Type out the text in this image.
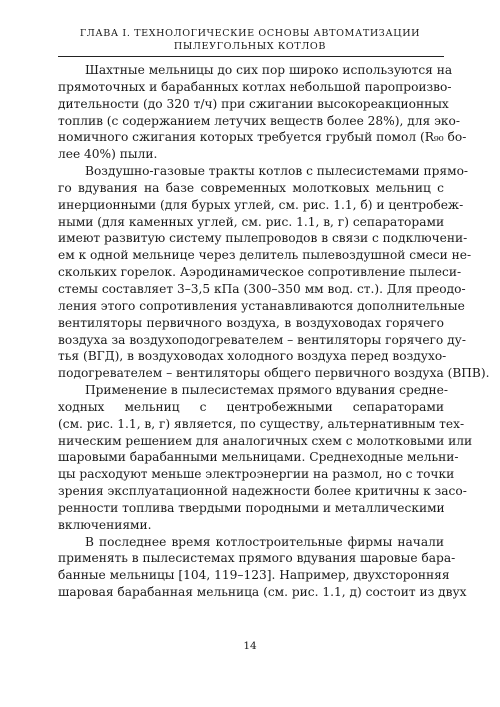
ГЛАВА I. ТЕХНОЛОГИЧЕСКИЕ ОСНОВЫ АВТОМАТИЗАЦИИ
ПЫЛЕУГОЛЬНЫХ КОТЛОВ

Шахтные мельницы до сих пор широко используются на
прямоточных и барабанных котлах небольшой паропроизво-
дительности (до 320 т/ч) при сжигании высокореакционных
топлив (с содержанием летучих веществ более 28%), для эко-
номичного сжигания которых требуется грубый помол (R₉₀ бо-
лее 40%) пыли.

Воздушно-газовые тракты котлов с пылесистемами прямо-
го вдувания на базе современных молотковых мельниц с
инерционными (для бурых углей, см. рис. 1.1, б) и центробеж-
ными (для каменных углей, см. рис. 1.1, в, г) сепараторами
имеют развитую систему пылепроводов в связи с подключени-
ем к одной мельнице через делитель пылевоздушной смеси не-
скольких горелок. Аэродинамическое сопротивление пылеси-
стемы составляет 3–3,5 кПа (300–350 мм вод. ст.). Для преодо-
ления этого сопротивления устанавливаются дополнительные
вентиляторы первичного воздуха, в воздуховодах горячего
воздуха за воздухоподогревателем – вентиляторы горячего ду-
тья (ВГД), в воздуховодах холодного воздуха перед воздухо-
подогревателем – вентиляторы общего первичного воздуха (ВПВ).

Применение в пылесистемах прямого вдувания средне-
ходных мельниц с центробежными сепараторами
(см. рис. 1.1, в, г) является, по существу, альтернативным тех-
ническим решением для аналогичных схем с молотковыми или
шаровыми барабанными мельницами. Среднеходные мельни-
цы расходуют меньше электроэнергии на размол, но с точки
зрения эксплуатационной надежности более критичны к засо-
ренности топлива твердыми породными и металлическими
включениями.

В последнее время котлостроительные фирмы начали
применять в пылесистемах прямого вдувания шаровые бара-
банные мельницы [104, 119–123]. Например, двухсторонняя
шаровая барабанная мельница (см. рис. 1.1, д) состоит из двух

14
